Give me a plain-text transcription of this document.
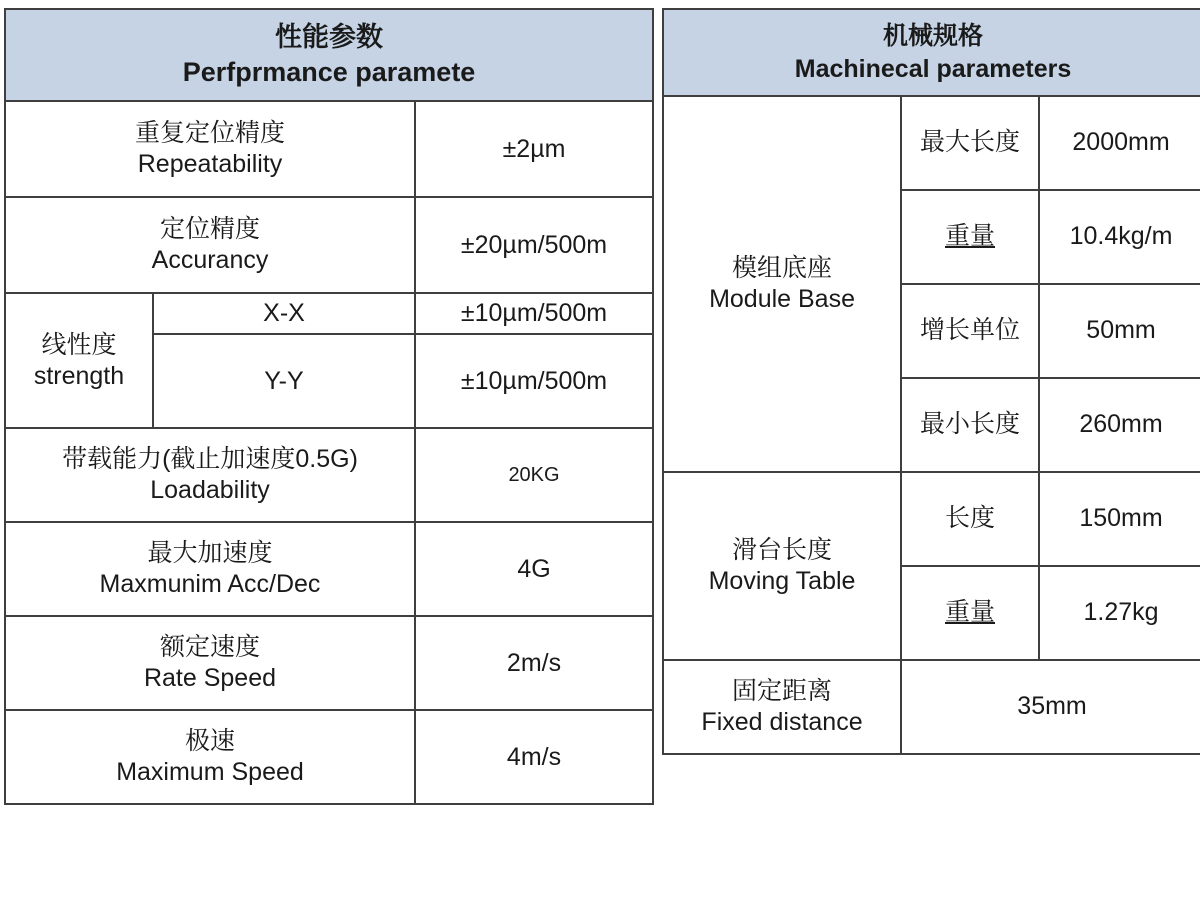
性能参数
Perfprmance paramete		

重复定位精度
Repeatability		±2µm

定位精度
Accurancy		±20µm/500m

线性度
strength	X-X	±10µm/500m
	Y-Y	±10µm/500m

带载能力(截止加速度0.5G)
Loadability		20KG

最大加速度
Maxmunim Acc/Dec		4G

额定速度
Rate Speed		2m/s

极速
Maximum Speed		4m/s
机械规格
Machinecal parameters		

模组底座
Module Base	最大长度	2000mm
	重量	10.4kg/m
	增长单位	50mm
	最小长度	260mm

滑台长度
Moving Table	长度	150mm
	重量	1.27kg

固定距离
Fixed distance	35mm	
